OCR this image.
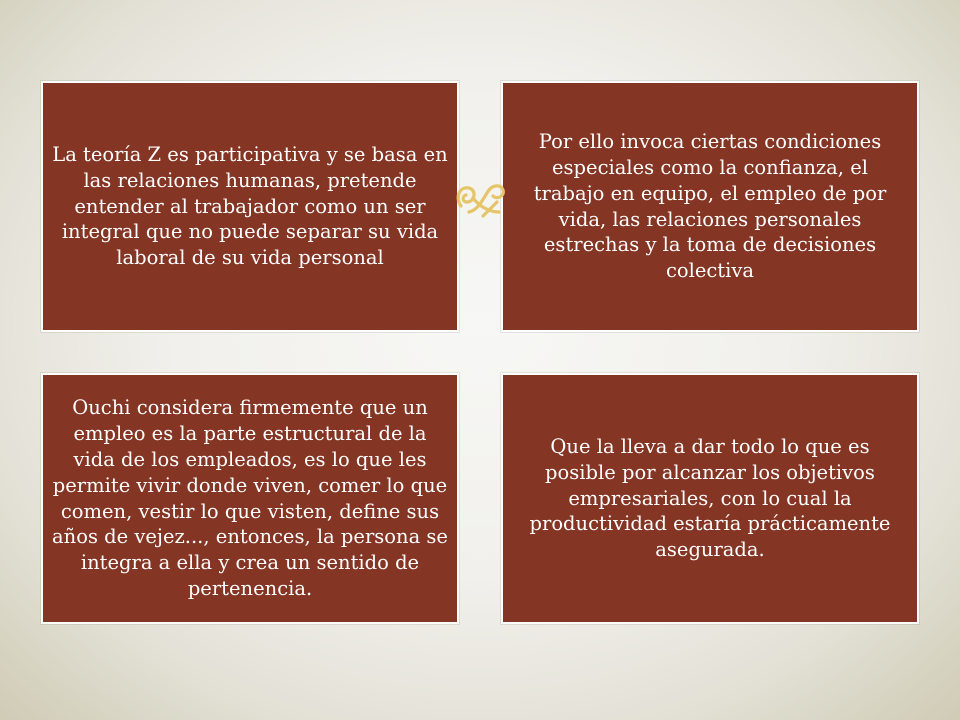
La teoría Z es participativa y se basa en las relaciones humanas, pretende entender al trabajador como un ser integral que no puede separar su vida laboral de su vida personal
Por ello invoca ciertas condiciones especiales como la confianza, el trabajo en equipo, el empleo de por vida, las relaciones personales estrechas y la toma de decisiones colectiva
Ouchi considera firmemente que un empleo es la parte estructural de la vida de los empleados, es lo que les permite vivir donde viven, comer lo que comen, vestir lo que visten, define sus años de vejez..., entonces, la persona se integra a ella y crea un sentido de pertenencia.
Que la lleva a dar todo lo que es posible por alcanzar los objetivos empresariales, con lo cual la productividad estaría prácticamente asegurada.
